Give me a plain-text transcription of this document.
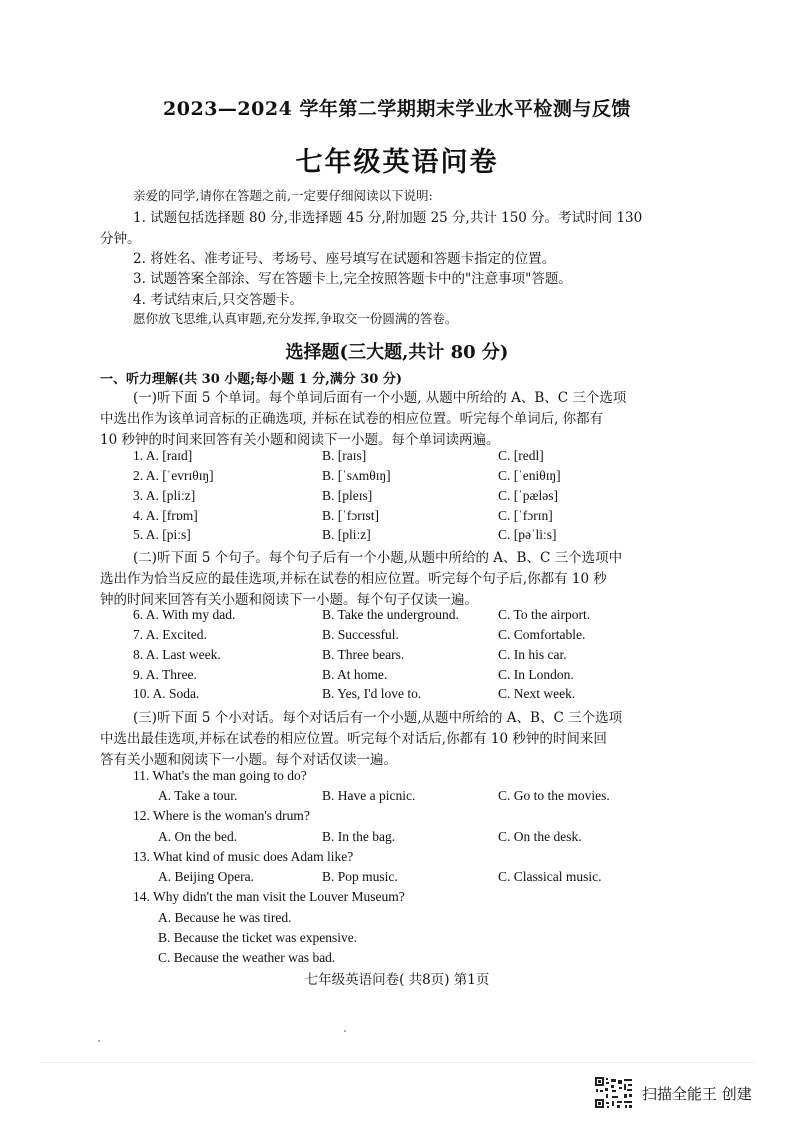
2023—2024 学年第二学期期末学业水平检测与反馈
七年级英语问卷
亲爱的同学,请你在答题之前,一定要仔细阅读以下说明:
1. 试题包括选择题 80 分,非选择题 45 分,附加题 25 分,共计 150 分。考试时间 130
分钟。
2. 将姓名、准考证号、考场号、座号填写在试题和答题卡指定的位置。
3. 试题答案全部涂、写在答题卡上,完全按照答题卡中的"注意事项"答题。
4. 考试结束后,只交答题卡。
愿你放飞思维,认真审题,充分发挥,争取交一份圆满的答卷。
选择题(三大题,共计 80 分)
一、听力理解(共 30 小题;每小题 1 分,满分 30 分)
(一)听下面 5 个单词。每个单词后面有一个小题, 从题中所给的 A、B、C 三个选项
中选出作为该单词音标的正确选项, 并标在试卷的相应位置。听完每个单词后, 你都有
10 秒钟的时间来回答有关小题和阅读下一小题。每个单词读两遍。
1. A. [raɪd]	B. [raɪs]	C. [redl]
2. A. [ˈevrɪθɪŋ]	B. [ˈsʌmθɪŋ]	C. [ˈeniθɪŋ]
3. A. [pliːz]	B. [pleɪs]	C. [ˈpæləs]
4. A. [frɒm]	B. [ˈfɔrɪst]	C. [ˈfɔrɪn]
5. A. [piːs]	B. [pliːz]	C. [pəˈliːs]
(二)听下面 5 个句子。每个句子后有一个小题,从题中所给的 A、B、C 三个选项中
选出作为恰当反应的最佳选项,并标在试卷的相应位置。听完每个句子后,你都有 10 秒
钟的时间来回答有关小题和阅读下一小题。每个句子仅读一遍。
6. A. With my dad.	B. Take the underground.	C. To the airport.
7. A. Excited.	B. Successful.	C. Comfortable.
8. A. Last week.	B. Three bears.	C. In his car.
9. A. Three.	B. At home.	C. In London.
10. A. Soda.	B. Yes, I'd love to.	C. Next week.
(三)听下面 5 个小对话。每个对话后有一个小题,从题中所给的 A、B、C 三个选项
中选出最佳选项,并标在试卷的相应位置。听完每个对话后,你都有 10 秒钟的时间来回
答有关小题和阅读下一小题。每个对话仅读一遍。
11. What's the man going to do?
A. Take a tour.	B. Have a picnic.	C. Go to the movies.
12. Where is the woman's drum?
A. On the bed.	B. In the bag.	C. On the desk.
13. What kind of music does Adam like?
A. Beijing Opera.	B. Pop music.	C. Classical music.
14. Why didn't the man visit the Louver Museum?
A. Because he was tired.
B. Because the ticket was expensive.
C. Because the weather was bad.
七年级英语问卷( 共8页) 第1页
扫描全能王 创建
